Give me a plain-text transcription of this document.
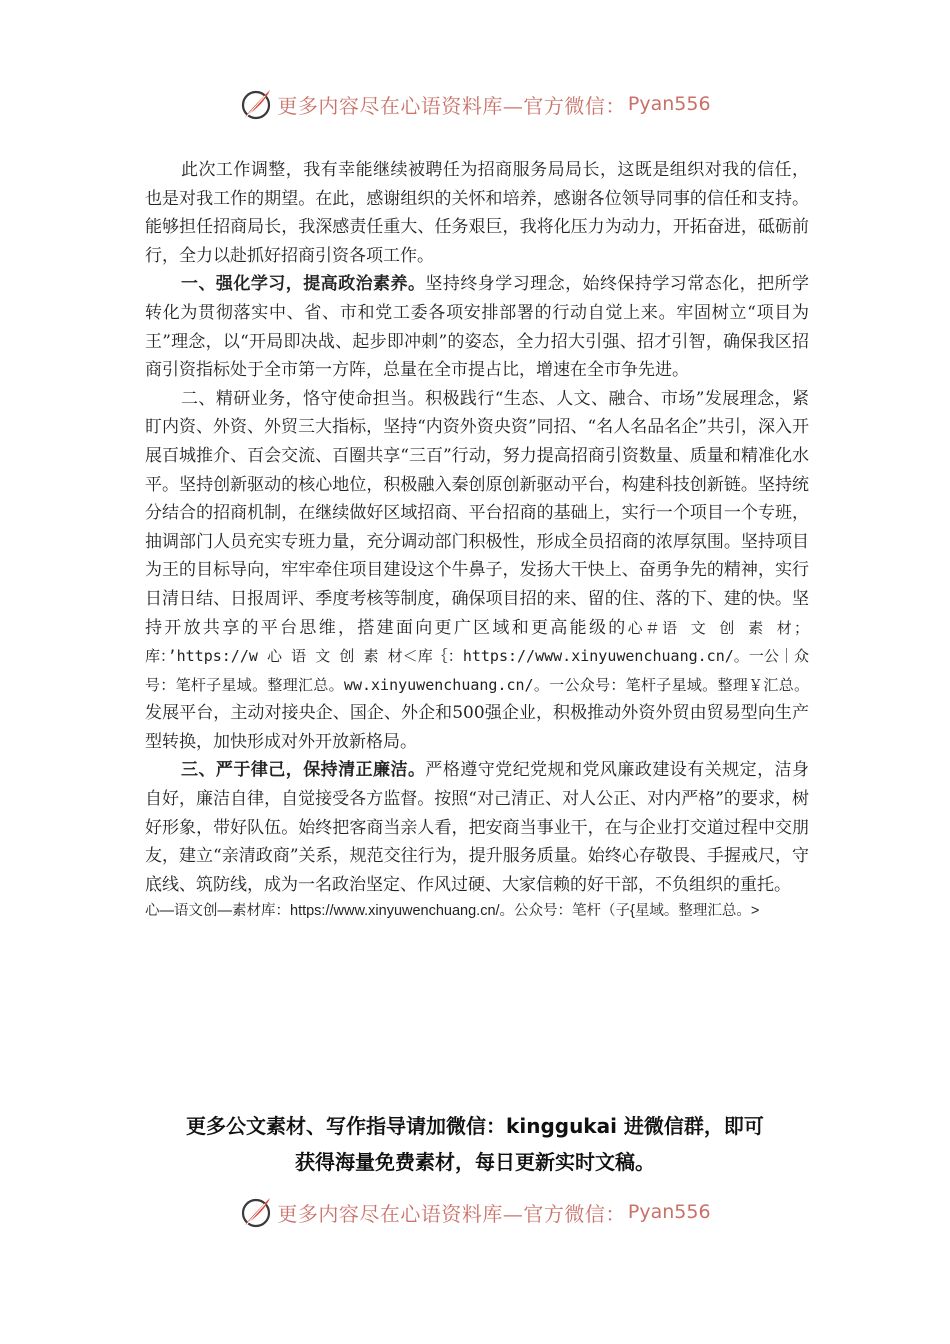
更多内容尽在心语资料库—官方微信： Pyan556

此次工作调整，我有幸能继续被聘任为招商服务局局长，这既是组织对我的信任，也是对我工作的期望。在此，感谢组织的关怀和培养，感谢各位领导同事的信任和支持。能够担任招商局长，我深感责任重大、任务艰巨，我将化压力为动力，开拓奋进，砥砺前行，全力以赴抓好招商引资各项工作。

一、强化学习，提高政治素养。坚持终身学习理念，始终保持学习常态化，把所学转化为贯彻落实中、省、市和党工委各项安排部署的行动自觉上来。牢固树立“项目为王”理念，以“开局即决战、起步即冲刺”的姿态，全力招大引强、招才引智，确保我区招商引资指标处于全市第一方阵，总量在全市提占比，增速在全市争先进。

二、精研业务，恪守使命担当。积极践行“生态、人文、融合、市场”发展理念，紧盯内资、外资、外贸三大指标，坚持“内资外资央资”同招、“名人名品名企”共引，深入开展百城推介、百会交流、百圈共享“三百”行动，努力提高招商引资数量、质量和精准化水平。坚持创新驱动的核心地位，积极融入秦创原创新驱动平台，构建科技创新链。坚持统分结合的招商机制，在继续做好区域招商、平台招商的基础上，实行一个项目一个专班，抽调部门人员充实专班力量，充分调动部门积极性，形成全员招商的浓厚氛围。坚持项目为王的目标导向，牢牢牵住项目建设这个牛鼻子，发扬大干快上、奋勇争先的精神，实行日清日结、日报周评、季度考核等制度，确保项目招的来、留的住、落的下、建的快。坚持开放共享的平台思维，搭建面向更广区域和更高能级的心＃语 文 创 素 材；库：’https://w 心 语 文 创 素 材＜库｛：https://www.xinyuwenchuang.cn/。一公｜众号：笔杆子星域。整理汇总。ww.xinyuwenchuang.cn/。一公众号：笔杆子星域。整理￥汇总。发展平台，主动对接央企、国企、外企和500强企业，积极推动外资外贸由贸易型向生产型转换，加快形成对外开放新格局。

三、严于律己，保持清正廉洁。严格遵守党纪党规和党风廉政建设有关规定，洁身自好，廉洁自律，自觉接受各方监督。按照“对己清正、对人公正、对内严格”的要求，树好形象，带好队伍。始终把客商当亲人看，把安商当事业干，在与企业打交道过程中交朋友，建立“亲清政商”关系，规范交往行为，提升服务质量。始终心存敬畏、手握戒尺，守底线、筑防线，成为一名政治坚定、作风过硬、大家信赖的好干部，不负组织的重托。

心—语文创—素材库：https://www.xinyuwenchuang.cn/。公众号：笔杆（子{星域。整理汇总。>

更多公文素材、写作指导请加微信：kinggukai 进微信群，即可
获得海量免费素材，每日更新实时文稿。
更多内容尽在心语资料库—官方微信： Pyan556
